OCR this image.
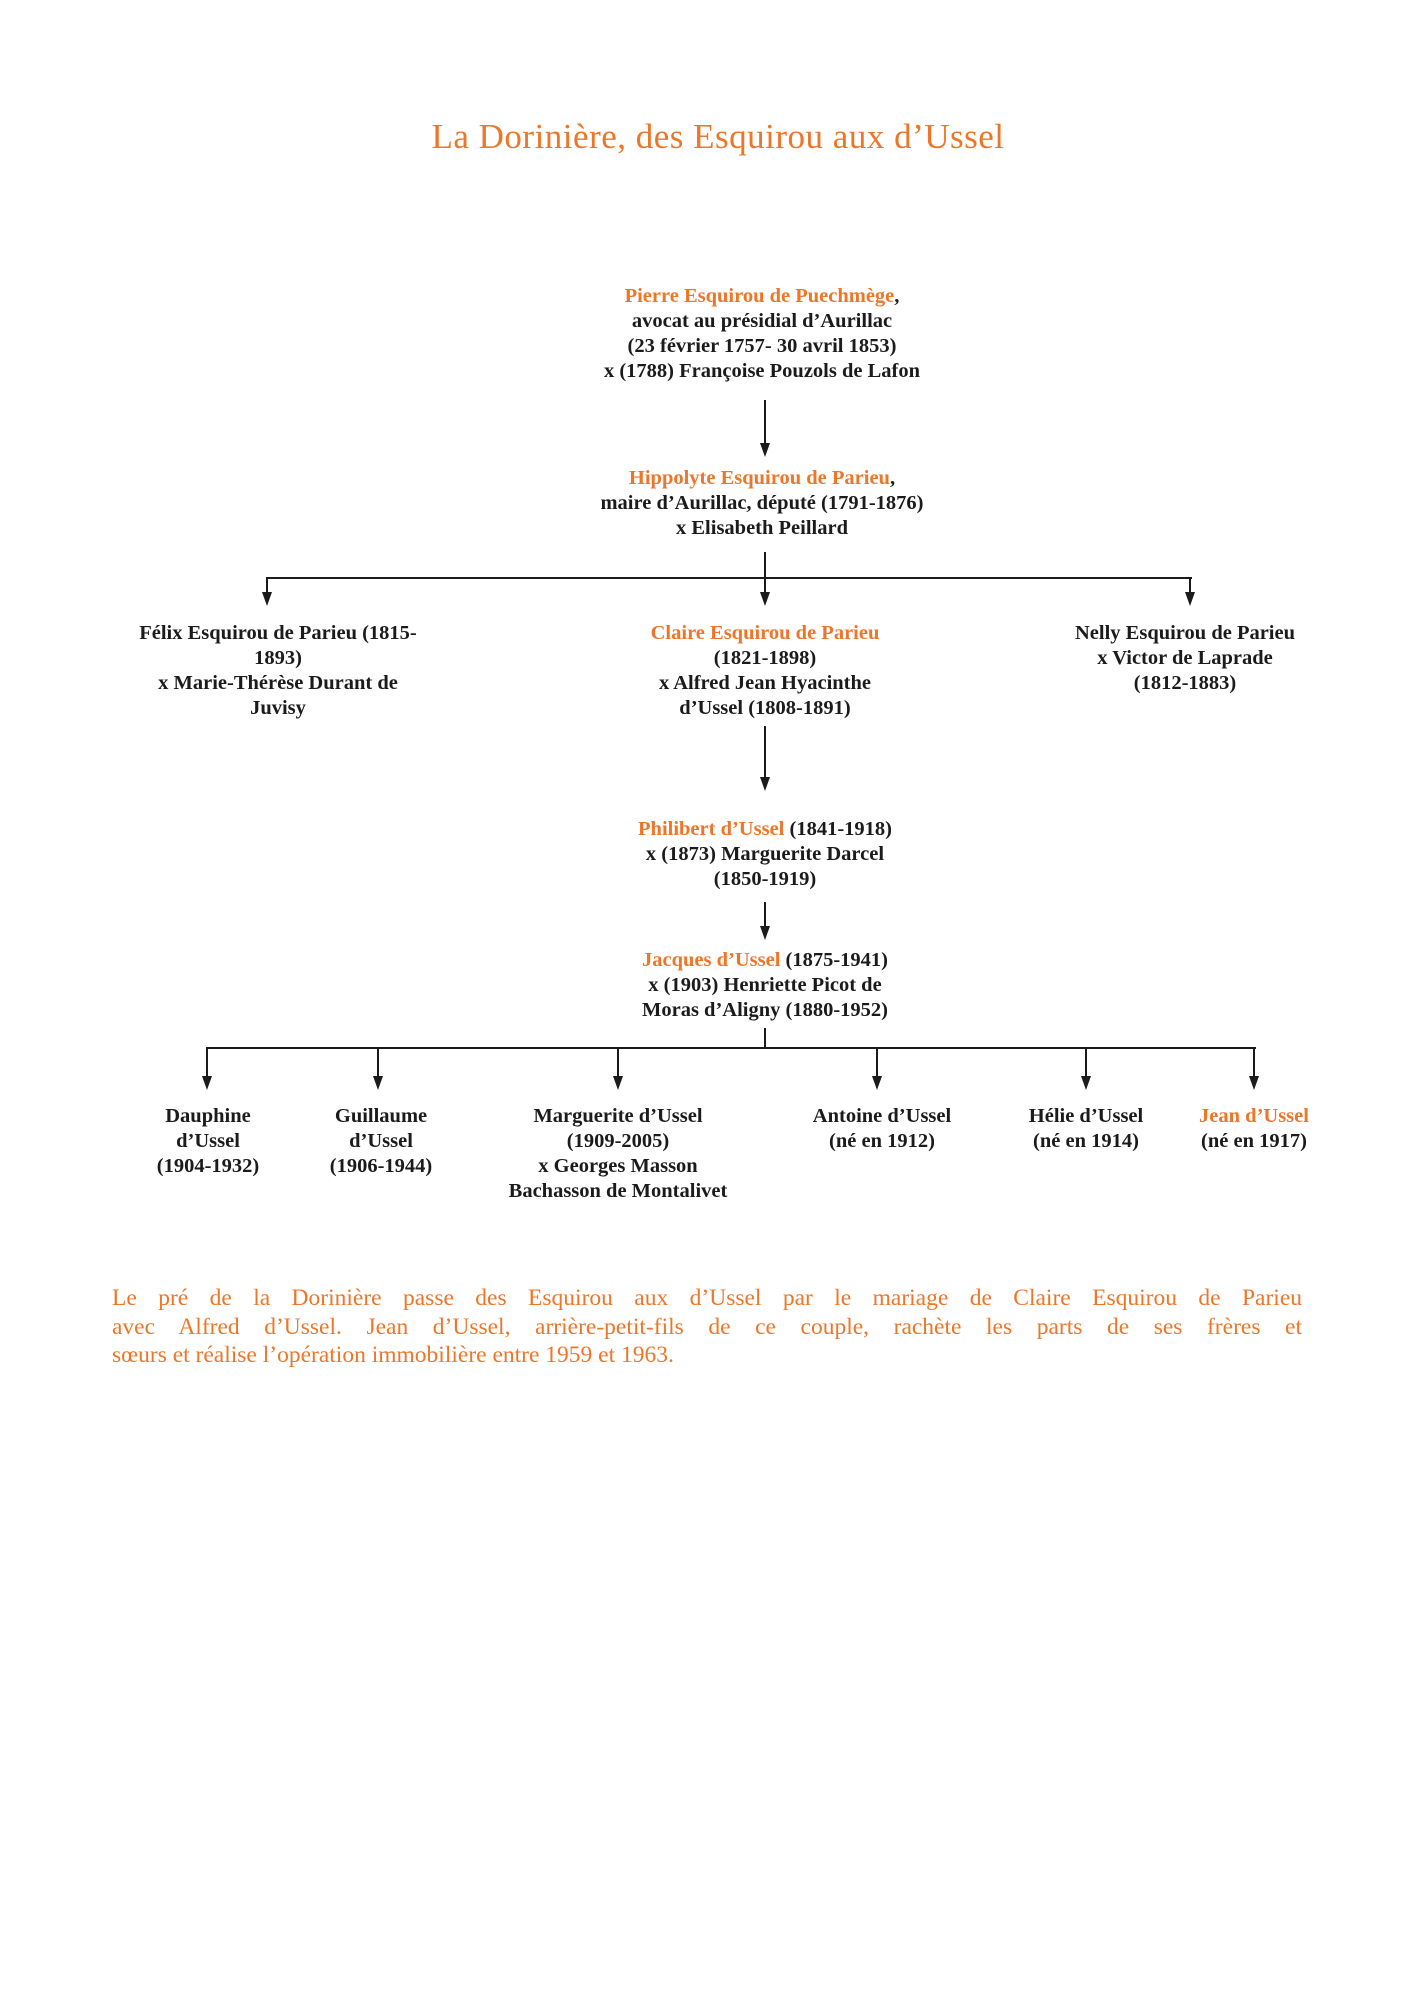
La Dorinière, des Esquirou aux d’Ussel
Pierre Esquirou de Puechmège,
avocat au présidial d’Aurillac
(23 février 1757- 30 avril 1853)
x (1788) Françoise Pouzols de Lafon
Hippolyte Esquirou de Parieu,
maire d’Aurillac, député (1791-1876)
x Elisabeth Peillard
Félix Esquirou de Parieu (1815-
1893)
x Marie-Thérèse Durant de
Juvisy
Claire Esquirou de Parieu
(1821-1898)
x Alfred Jean Hyacinthe
d’Ussel (1808-1891)
Nelly Esquirou de Parieu
x Victor de Laprade
(1812-1883)
Philibert d’Ussel (1841-1918)
x (1873) Marguerite Darcel
(1850-1919)
Jacques d’Ussel (1875-1941)
x (1903) Henriette Picot de
Moras d’Aligny (1880-1952)
Dauphine
d’Ussel
(1904-1932)
Guillaume
d’Ussel
(1906-1944)
Marguerite d’Ussel
(1909-2005)
x Georges Masson
Bachasson de Montalivet
Antoine d’Ussel
(né en 1912)
Hélie d’Ussel
(né en 1914)
Jean d’Ussel
(né en 1917)
Le pré de la Dorinière passe des Esquirou aux d’Ussel par le mariage de Claire Esquirou de Parieu
avec Alfred d’Ussel. Jean d’Ussel, arrière-petit-fils de ce couple, rachète les parts de ses frères et
sœurs et réalise l’opération immobilière entre 1959 et 1963.
